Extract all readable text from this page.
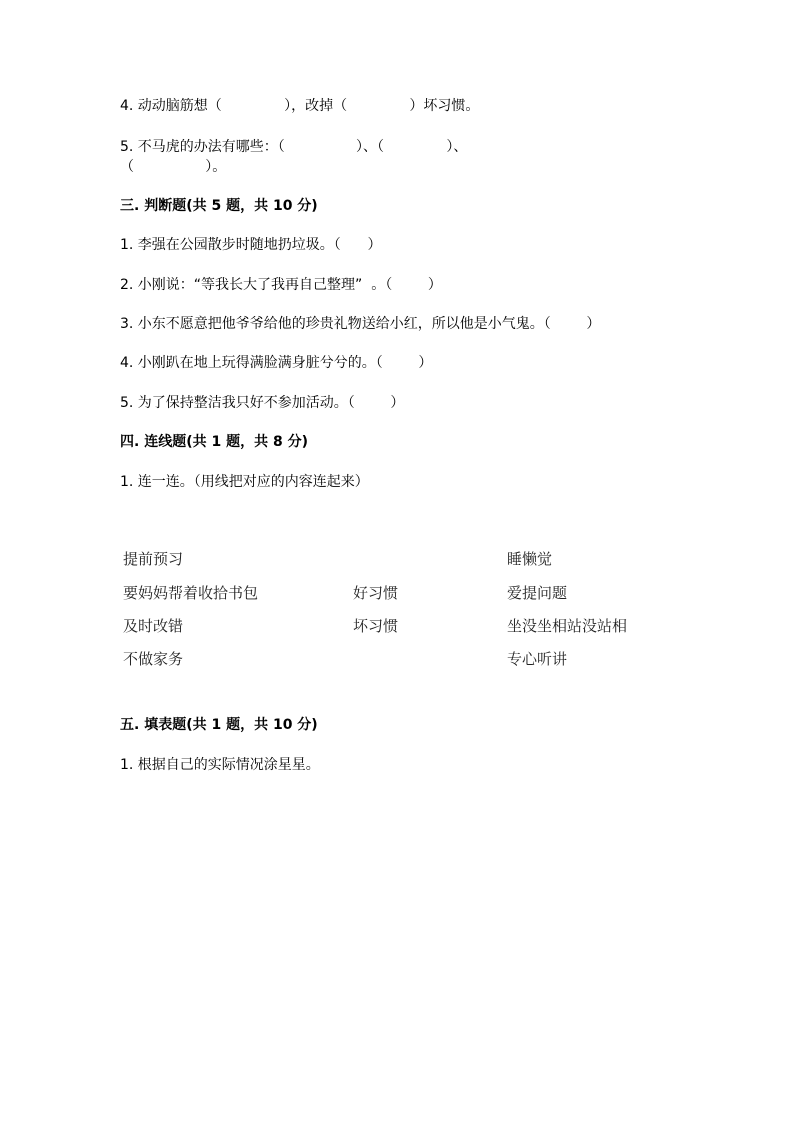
4. 动动脑筋想（              ），改掉（              ）坏习惯。
5. 不马虎的办法有哪些：（                ）、（              ）、
（                ）。
三. 判断题(共 5 题，共 10 分)
1. 李强在公园散步时随地扔垃圾。（      ）
2. 小刚说：“等我长大了我再自己整理”  。（        ）
3. 小东不愿意把他爷爷给他的珍贵礼物送给小红，所以他是小气鬼。（        ）
4. 小刚趴在地上玩得满脸满身脏兮兮的。（        ）
5. 为了保持整洁我只好不参加活动。（        ）
四. 连线题(共 1 题，共 8 分)
1. 连一连。（用线把对应的内容连起来）
提前预习
要妈妈帮着收拾书包
及时改错
不做家务
好习惯
坏习惯
睡懒觉
爱提问题
坐没坐相站没站相
专心听讲
五. 填表题(共 1 题，共 10 分)
1. 根据自己的实际情况涂星星。
